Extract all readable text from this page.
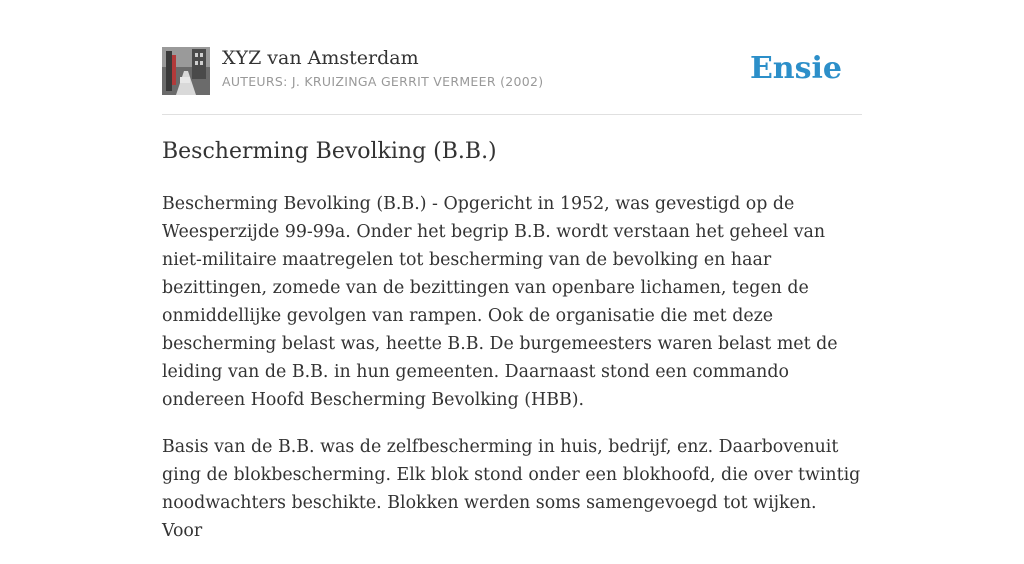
XYZ van Amsterdam
AUTEURS: J. KRUIZINGA GERRIT VERMEER (2002)	Ensie
Bescherming Bevolking (B.B.)

Bescherming Bevolking (B.B.) - Opgericht in 1952, was gevestigd op de Weesperzijde 99-99a. Onder het begrip B.B. wordt verstaan het geheel van niet-militaire maatregelen tot bescherming van de bevolking en haar bezittingen, zomede van de bezittingen van openbare lichamen, tegen de onmiddellijke gevolgen van rampen. Ook de organisatie die met deze bescherming belast was, heette B.B. De burgemeesters waren belast met de leiding van de B.B. in hun gemeenten. Daarnaast stond een commando ondereen Hoofd Bescherming Bevolking (HBB).

Basis van de B.B. was de zelfbescherming in huis, bedrijf, enz. Daarbovenuit ging de blokbescherming. Elk blok stond onder een blokhoofd, die over twintig noodwachters beschikte. Blokken werden soms samengevoegd tot wijken. Voor
